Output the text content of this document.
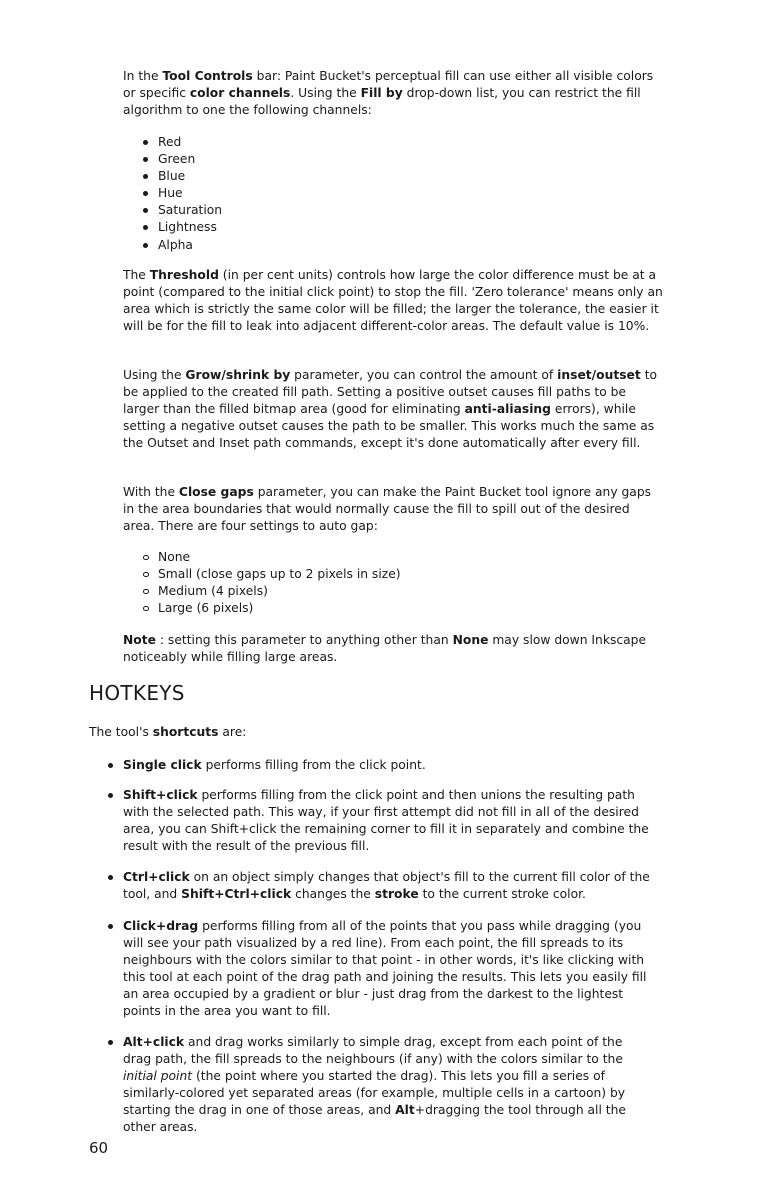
In the Tool Controls bar: Paint Bucket's perceptual fill can use either all visible colors or specific color channels. Using the Fill by drop-down list, you can restrict the fill algorithm to one the following channels:

Red
Green
Blue
Hue
Saturation
Lightness
Alpha

The Threshold (in per cent units) controls how large the color difference must be at a point (compared to the initial click point) to stop the fill. 'Zero tolerance' means only an area which is strictly the same color will be filled; the larger the tolerance, the easier it will be for the fill to leak into adjacent different-color areas. The default value is 10%.

Using the Grow/shrink by parameter, you can control the amount of inset/outset to be applied to the created fill path. Setting a positive outset causes fill paths to be larger than the filled bitmap area (good for eliminating anti-aliasing errors), while setting a negative outset causes the path to be smaller. This works much the same as the Outset and Inset path commands, except it's done automatically after every fill.

With the Close gaps parameter, you can make the Paint Bucket tool ignore any gaps in the area boundaries that would normally cause the fill to spill out of the desired area. There are four settings to auto gap:

None
Small (close gaps up to 2 pixels in size)
Medium (4 pixels)
Large (6 pixels)

Note : setting this parameter to anything other than None may slow down Inkscape noticeably while filling large areas.

HOTKEYS

The tool's shortcuts are:

Single click performs filling from the click point.

Shift+click performs filling from the click point and then unions the resulting path with the selected path. This way, if your first attempt did not fill in all of the desired area, you can Shift+click the remaining corner to fill it in separately and combine the result with the result of the previous fill.

Ctrl+click on an object simply changes that object's fill to the current fill color of the tool, and Shift+Ctrl+click changes the stroke to the current stroke color.

Click+drag performs filling from all of the points that you pass while dragging (you will see your path visualized by a red line). From each point, the fill spreads to its neighbours with the colors similar to that point - in other words, it's like clicking with this tool at each point of the drag path and joining the results. This lets you easily fill an area occupied by a gradient or blur - just drag from the darkest to the lightest points in the area you want to fill.

Alt+click and drag works similarly to simple drag, except from each point of the drag path, the fill spreads to the neighbours (if any) with the colors similar to the initial point (the point where you started the drag). This lets you fill a series of similarly-colored yet separated areas (for example, multiple cells in a cartoon) by starting the drag in one of those areas, and Alt+dragging the tool through all the other areas.

60
